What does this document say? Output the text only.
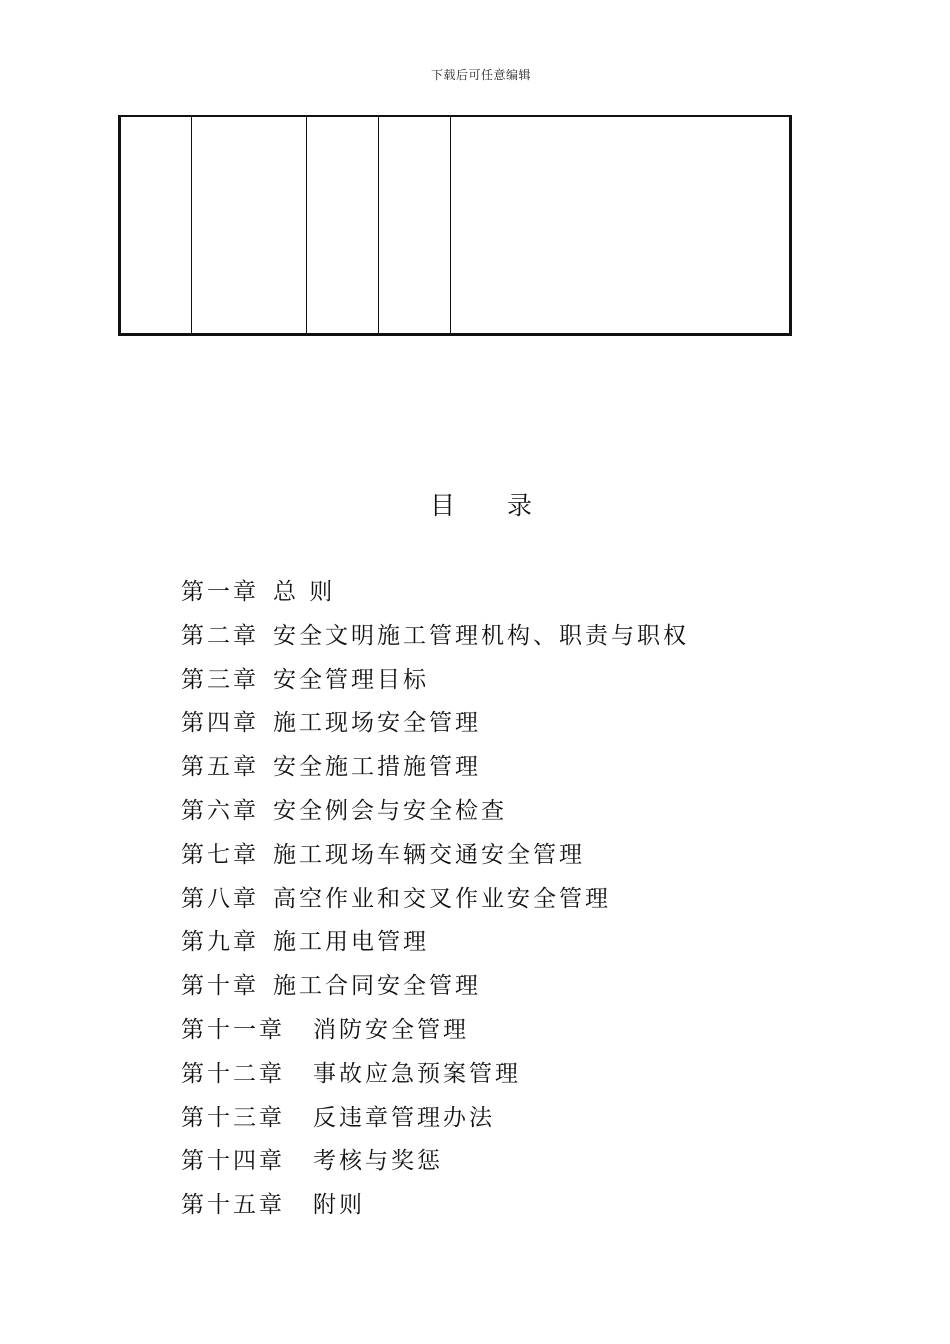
下载后可任意编辑

目 录
第一章 总 则
第二章 安全文明施工管理机构、职责与职权
第三章 安全管理目标
第四章 施工现场安全管理
第五章 安全施工措施管理
第六章 安全例会与安全检查
第七章 施工现场车辆交通安全管理
第八章 高空作业和交叉作业安全管理
第九章 施工用电管理
第十章 施工合同安全管理
第十一章 消防安全管理
第十二章 事故应急预案管理
第十三章 反违章管理办法
第十四章 考核与奖惩
第十五章 附则
